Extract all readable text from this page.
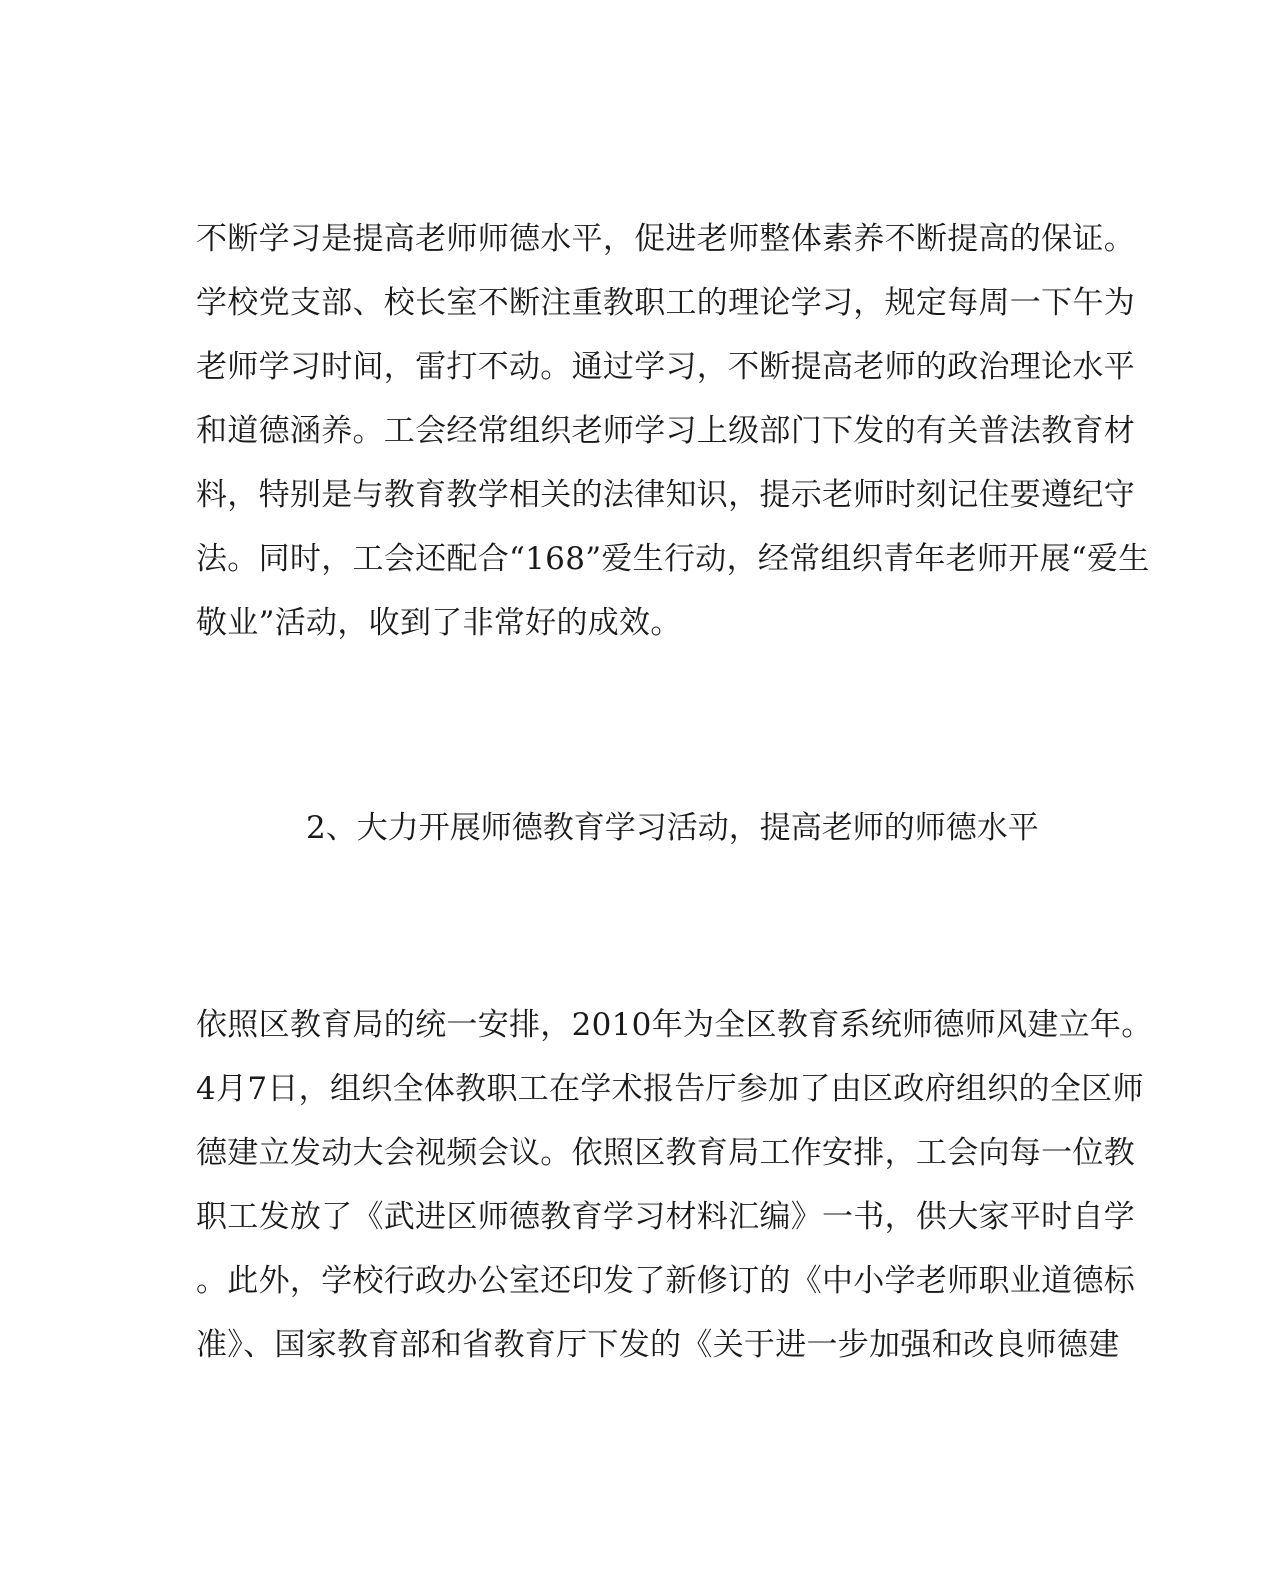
不断学习是提高老师师德水平，促进老师整体素养不断提高的保证。
学校党支部、校长室不断注重教职工的理论学习，规定每周一下午为
老师学习时间，雷打不动。通过学习，不断提高老师的政治理论水平
和道德涵养。工会经常组织老师学习上级部门下发的有关普法教育材
料，特别是与教育教学相关的法律知识，提示老师时刻记住要遵纪守
法。同时，工会还配合“168”爱生行动，经常组织青年老师开展“爱生
敬业”活动，收到了非常好的成效。
2、大力开展师德教育学习活动，提高老师的师德水平
依照区教育局的统一安排，2010年为全区教育系统师德师风建立年。
4月7日，组织全体教职工在学术报告厅参加了由区政府组织的全区师
德建立发动大会视频会议。依照区教育局工作安排，工会向每一位教
职工发放了《武进区师德教育学习材料汇编》一书，供大家平时自学
。此外，学校行政办公室还印发了新修订的《中小学老师职业道德标
准》、国家教育部和省教育厅下发的《关于进一步加强和改良师德建
